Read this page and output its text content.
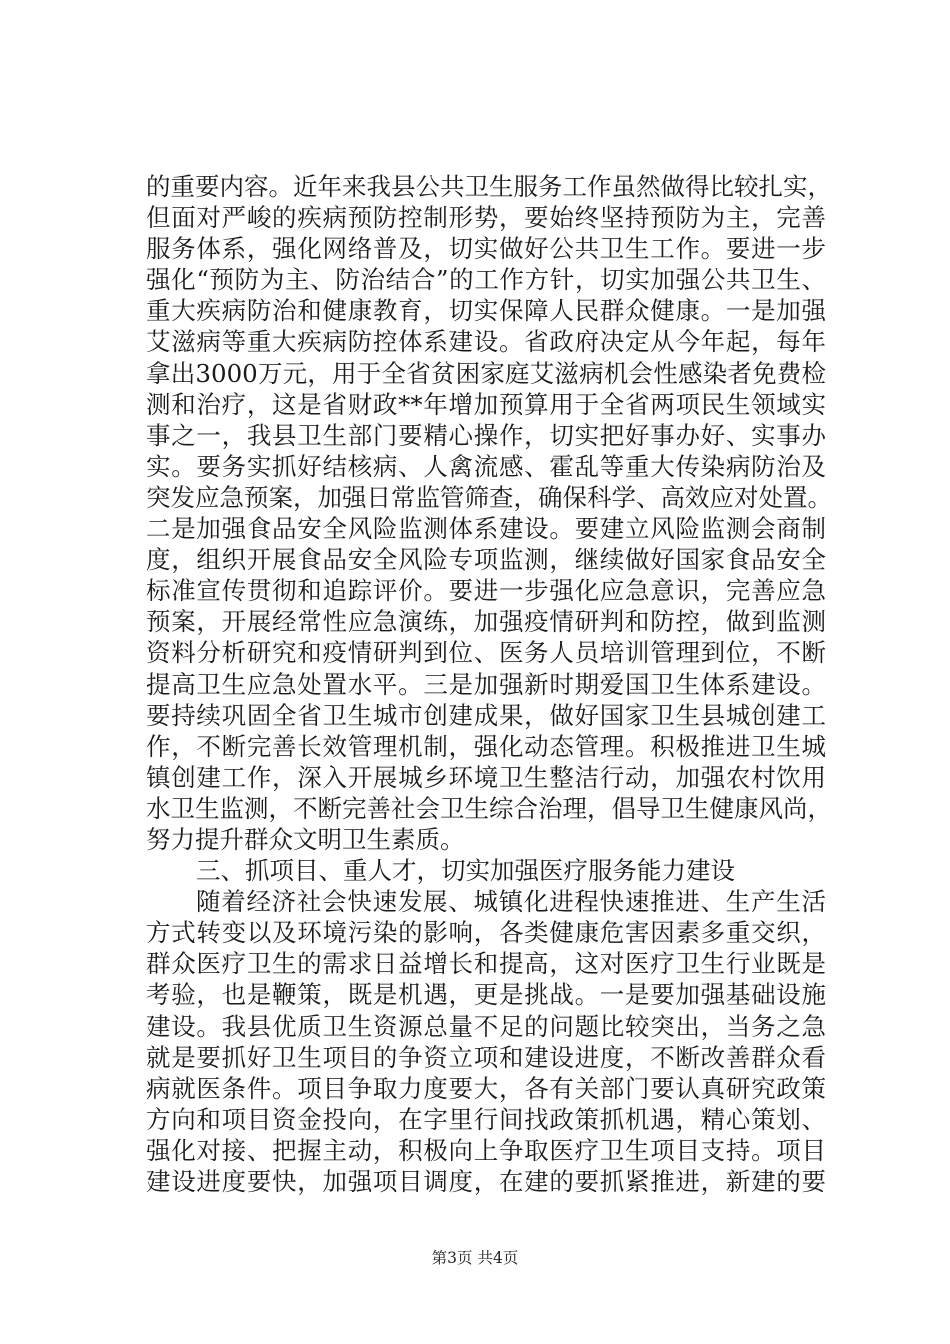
的重要内容。近年来我县公共卫生服务工作虽然做得比较扎实，
但面对严峻的疾病预防控制形势，要始终坚持预防为主，完善
服务体系，强化网络普及，切实做好公共卫生工作。要进一步
强化“预防为主、防治结合”的工作方针，切实加强公共卫生、
重大疾病防治和健康教育，切实保障人民群众健康。一是加强
艾滋病等重大疾病防控体系建设。省政府决定从今年起，每年
拿出3000万元，用于全省贫困家庭艾滋病机会性感染者免费检
测和治疗，这是省财政**年增加预算用于全省两项民生领域实
事之一，我县卫生部门要精心操作，切实把好事办好、实事办
实。要务实抓好结核病、人禽流感、霍乱等重大传染病防治及
突发应急预案，加强日常监管筛查，确保科学、高效应对处置。
二是加强食品安全风险监测体系建设。要建立风险监测会商制
度，组织开展食品安全风险专项监测，继续做好国家食品安全
标准宣传贯彻和追踪评价。要进一步强化应急意识，完善应急
预案，开展经常性应急演练，加强疫情研判和防控，做到监测
资料分析研究和疫情研判到位、医务人员培训管理到位，不断
提高卫生应急处置水平。三是加强新时期爱国卫生体系建设。
要持续巩固全省卫生城市创建成果，做好国家卫生县城创建工
作，不断完善长效管理机制，强化动态管理。积极推进卫生城
镇创建工作，深入开展城乡环境卫生整洁行动，加强农村饮用
水卫生监测，不断完善社会卫生综合治理，倡导卫生健康风尚，
努力提升群众文明卫生素质。
三、抓项目、重人才，切实加强医疗服务能力建设
随着经济社会快速发展、城镇化进程快速推进、生产生活
方式转变以及环境污染的影响，各类健康危害因素多重交织，
群众医疗卫生的需求日益增长和提高，这对医疗卫生行业既是
考验，也是鞭策，既是机遇，更是挑战。一是要加强基础设施
建设。我县优质卫生资源总量不足的问题比较突出，当务之急
就是要抓好卫生项目的争资立项和建设进度，不断改善群众看
病就医条件。项目争取力度要大，各有关部门要认真研究政策
方向和项目资金投向，在字里行间找政策抓机遇，精心策划、
强化对接、把握主动，积极向上争取医疗卫生项目支持。项目
建设进度要快，加强项目调度，在建的要抓紧推进，新建的要
第3页 共4页
